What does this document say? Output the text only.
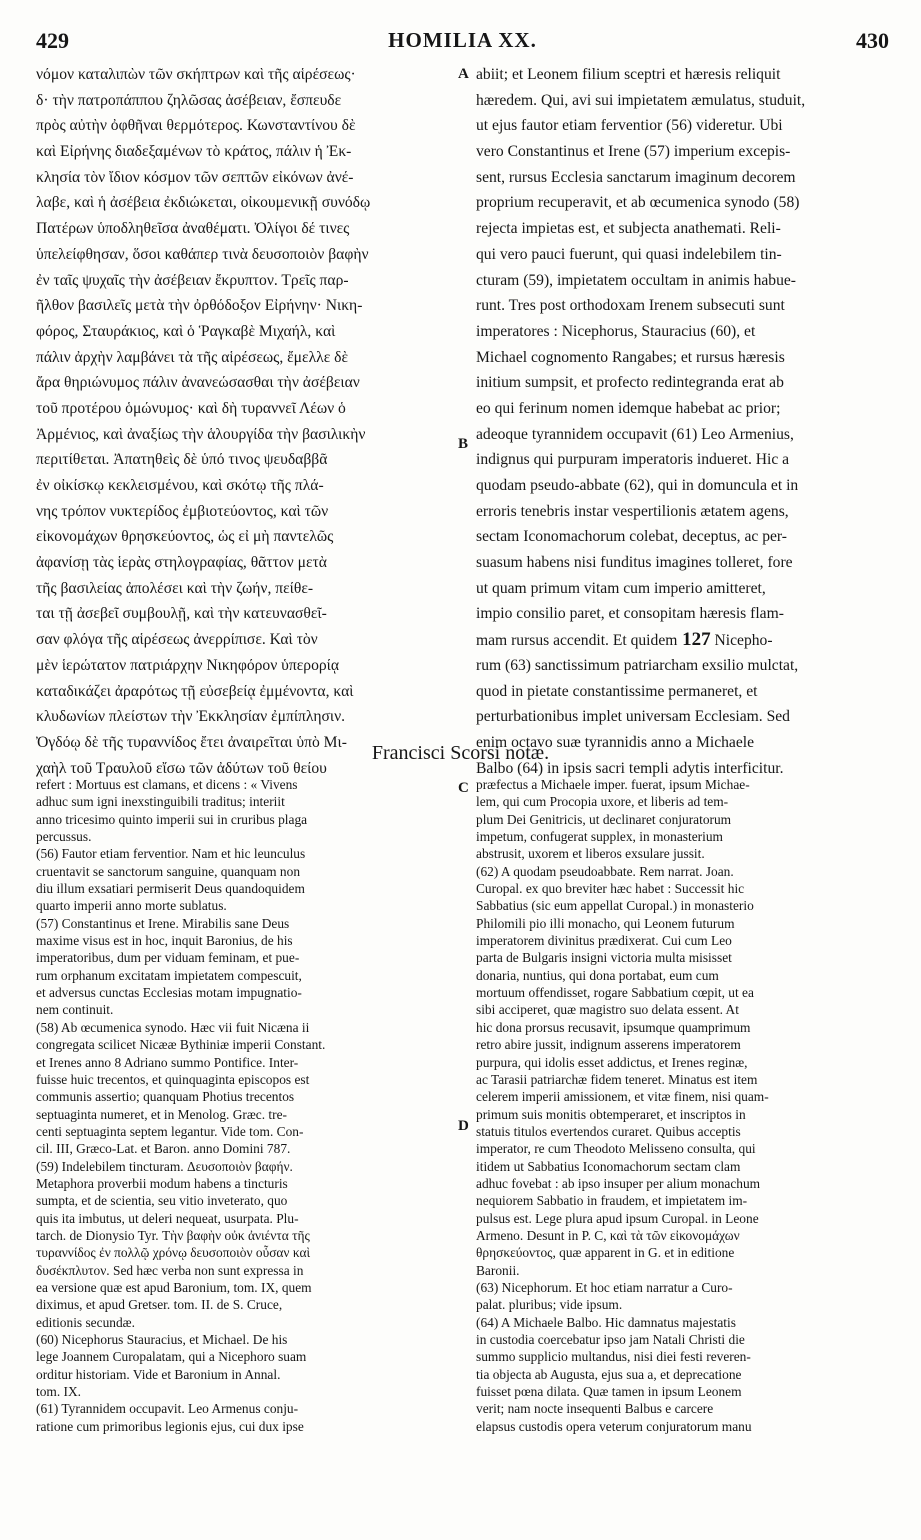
429	HOMILIA XX.	430
νόμον καταλιπὼν τῶν σκήπτρων καὶ τῆς αἱρέσεως·
δ· τὴν πατροπάππου ζηλῶσας ἀσέβειαν, ἔσπευδε
πρὸς αὐτὴν ὀφθῆναι θερμότερος. Κωνσταντίνου δὲ
καὶ Εἰρήνης διαδεξαμένων τὸ κράτος, πάλιν ἡ Ἐκ-
κλησία τὸν ἴδιον κόσμον τῶν σεπτῶν εἰκόνων ἀνέ-
λαβε, καὶ ἡ ἀσέβεια ἐκδιώκεται, οἰκουμενικῇ συνόδῳ
Πατέρων ὑποδληθεῖσα ἀναθέματι. Ὀλίγοι δέ τινες
ὑπελείφθησαν, ὅσοι καθάπερ τινὰ δευσοποιὸν βαφὴν
ἐν ταῖς ψυχαῖς τὴν ἀσέβειαν ἔκρυπτον. Τρεῖς παρ-
ῆλθον βασιλεῖς μετὰ τὴν ὀρθόδοξον Εἰρήνην· Νικη-
φόρος, Σταυράκιος, καὶ ὁ Ῥαγκαβὲ Μιχαήλ, καὶ
πάλιν ἀρχὴν λαμβάνει τὰ τῆς αἱρέσεως, ἔμελλε δὲ
ἄρα θηριώνυμος πάλιν ἀνανεώσασθαι τὴν ἀσέβειαν
τοῦ προτέρου ὁμώνυμος· καὶ δὴ τυραννεῖ Λέων ὁ
Ἀρμένιος, καὶ ἀναξίως τὴν ἁλουργίδα τὴν βασιλικὴν
περιτίθεται. Ἀπατηθεὶς δὲ ὑπό τινος ψευδαββᾶ
ἐν οἰκίσκῳ κεκλεισμένου, καὶ σκότῳ τῆς πλά-
νης τρόπον νυκτερίδος ἐμβιοτεύοντος, καὶ τῶν
εἰκονομάχων θρησκεύοντος, ὡς εἰ μὴ παντελῶς
ἀφανίσῃ τὰς ἱερὰς στηλογραφίας, θᾶττον μετὰ
τῆς βασιλείας ἀπολέσει καὶ τὴν ζωήν, πείθε-
ται τῇ ἀσεβεῖ συμβουλῇ, καὶ τὴν κατευνασθεῖ-
σαν φλόγα τῆς αἱρέσεως ἀνερρίπισε. Καὶ τὸν
μὲν ἱερώτατον πατριάρχην Νικηφόρον ὑπερορίᾳ
καταδικάζει ἀραρότως τῇ εὐσεβείᾳ ἐμμένοντα, καὶ
κλυδωνίων πλείστων τὴν Ἐκκλησίαν ἐμπίπλησιν.
Ὀγδόῳ δὲ τῆς τυραννίδος ἔτει ἀναιρεῖται ὑπὸ Μι-
χαὴλ τοῦ Τραυλοῦ εἴσω τῶν ἀδύτων τοῦ θείου
abiit; et Leonem filium sceptri et hæresis reliquit
hæredem. Qui, avi sui impietatem æmulatus, studuit,
ut ejus fautor etiam ferventior (56) videretur. Ubi
vero Constantinus et Irene (57) imperium excepis-
sent, rursus Ecclesia sanctarum imaginum decorem
proprium recuperavit, et ab œcumenica synodo (58)
rejecta impietas est, et subjecta anathemati. Reli-
qui vero pauci fuerunt, qui quasi indelebilem tin-
cturam (59), impietatem occultam in animis habue-
runt. Tres post orthodoxam Irenem subsecuti sunt
imperatores : Nicephorus, Stauracius (60), et
Michael cognomento Rangabes; et rursus hæresis
initium sumpsit, et profecto redintegranda erat ab
eo qui ferinum nomen idemque habebat ac prior;
adeoque tyrannidem occupavit (61) Leo Armenius,
indignus qui purpuram imperatoris indueret. Hic a
quodam pseudo-abbate (62), qui in domuncula et in
erroris tenebris instar vespertilionis ætatem agens,
sectam Iconomachorum colebat, deceptus, ac per-
suasum habens nisi funditus imagines tolleret, fore
ut quam primum vitam cum imperio amitteret,
impio consilio paret, et consopitam hæresis flam-
mam rursus accendit. Et quidem 127 Nicepho-
rum (63) sanctissimum patriarcham exsilio mulctat,
quod in pietate constantissime permaneret, et
perturbationibus implet universam Ecclesiam. Sed
enim octavo suæ tyrannidis anno a Michaele
Balbo (64) in ipsis sacri templi adytis interficitur.
A
B
C
D
Francisci Scorsi notæ.
refert : Mortuus est clamans, et dicens : « Vivens
adhuc sum igni inexstinguibili traditus; interiit
anno tricesimo quinto imperii sui in cruribus plaga
percussus.
(56) Fautor etiam ferventior. Nam et hic leunculus
cruentavit se sanctorum sanguine, quanquam non
diu illum exsatiari permiserit Deus quandoquidem
quarto imperii anno morte sublatus.
(57) Constantinus et Irene. Mirabilis sane Deus
maxime visus est in hoc, inquit Baronius, de his
imperatoribus, dum per viduam feminam, et pue-
rum orphanum excitatam impietatem compescuit,
et adversus cunctas Ecclesias motam impugnatio-
nem continuit.
(58) Ab œcumenica synodo. Hæc vii fuit Nicæna ii
congregata scilicet Nicææ Bythiniæ imperii Constant.
et Irenes anno 8 Adriano summo Pontifice. Inter-
fuisse huic trecentos, et quinquaginta episcopos est
communis assertio; quanquam Photius trecentos
septuaginta numeret, et in Menolog. Græc. tre-
centi septuaginta septem legantur. Vide tom. Con-
cil. III, Græco-Lat. et Baron. anno Domini 787.
(59) Indelebilem tincturam. Δευσοποιὸν βαφήν.
Metaphora proverbii modum habens a tincturis
sumpta, et de scientia, seu vitio inveterato, quo
quis ita imbutus, ut deleri nequeat, usurpata. Plu-
tarch. de Dionysio Tyr. Τὴν βαφὴν οὐκ ἀνιέντα τῆς
τυραννίδος ἐν πολλῷ χρόνῳ δευσοποιὸν οὖσαν καὶ
δυσέκπλυτον. Sed hæc verba non sunt expressa in
ea versione quæ est apud Baronium, tom. IX, quem
diximus, et apud Gretser. tom. II. de S. Cruce,
editionis secundæ.
(60) Nicephorus Stauracius, et Michael. De his
lege Joannem Curopalatam, qui a Nicephoro suam
orditur historiam. Vide et Baronium in Annal.
tom. IX.
(61) Tyrannidem occupavit. Leo Armenus conju-
ratione cum primoribus legionis ejus, cui dux ipse
præfectus a Michaele imper. fuerat, ipsum Michae-
lem, qui cum Procopia uxore, et liberis ad tem-
plum Dei Genitricis, ut declinaret conjuratorum
impetum, confugerat supplex, in monasterium
abstrusit, uxorem et liberos exsulare jussit.
(62) A quodam pseudoabbate. Rem narrat. Joan.
Curopal. ex quo breviter hæc habet : Successit hic
Sabbatius (sic eum appellat Curopal.) in monasterio
Philomili pio illi monacho, qui Leonem futurum
imperatorem divinitus prædixerat. Cui cum Leo
parta de Bulgaris insigni victoria multa misisset
donaria, nuntius, qui dona portabat, eum cum
mortuum offendisset, rogare Sabbatium cœpit, ut ea
sibi acciperet, quæ magistro suo delata essent. At
hic dona prorsus recusavit, ipsumque quamprimum
retro abire jussit, indignum asserens imperatorem
purpura, qui idolis esset addictus, et Irenes reginæ,
ac Tarasii patriarchæ fidem teneret. Minatus est item
celerem imperii amissionem, et vitæ finem, nisi quam-
primum suis monitis obtemperaret, et inscriptos in
statuis titulos evertendos curaret. Quibus acceptis
imperator, re cum Theodoto Melisseno consulta, qui
itidem ut Sabbatius Iconomachorum sectam clam
adhuc fovebat : ab ipso insuper per alium monachum
nequiorem Sabbatio in fraudem, et impietatem im-
pulsus est. Lege plura apud ipsum Curopal. in Leone
Armeno. Desunt in P. C, καὶ τὰ τῶν εἰκονομάχων
θρησκεύοντος, quæ apparent in G. et in editione
Baronii.
(63) Nicephorum. Et hoc etiam narratur a Curo-
palat. pluribus; vide ipsum.
(64) A Michaele Balbo. Hic damnatus majestatis
in custodia coercebatur ipso jam Natali Christi die
summo supplicio multandus, nisi diei festi reveren-
tia objecta ab Augusta, ejus sua a, et deprecatione
fuisset pœna dilata. Quæ tamen in ipsum Leonem
verit; nam nocte insequenti Balbus e carcere
elapsus custodis opera veterum conjuratorum manu
